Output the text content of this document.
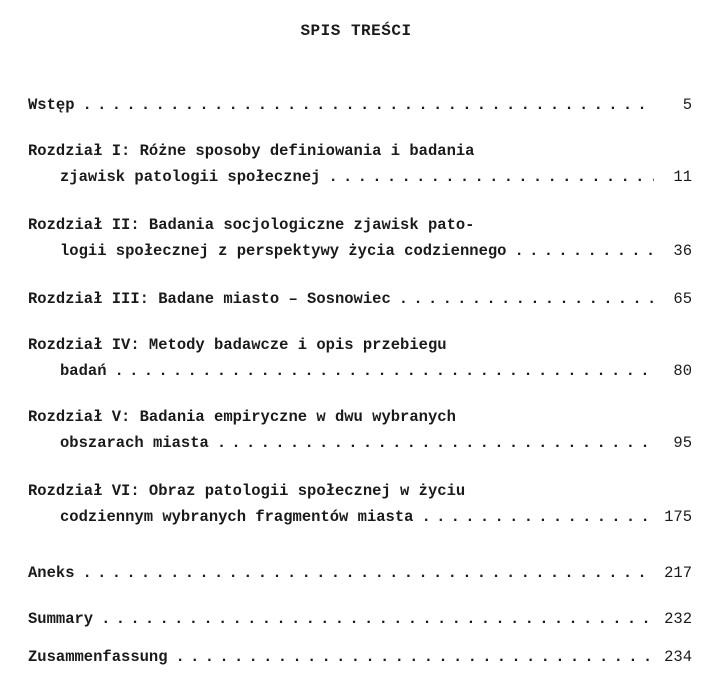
SPIS TREŚCI
Wstęp . . .	5
Rozdział I: Różne sposoby definiowania i badania
zjawisk patologii społecznej . . .	11
Rozdział II: Badania socjologiczne zjawisk pato-
logii społecznej z perspektywy życia codziennego . . .	36
Rozdział III: Badane miasto – Sosnowiec . . .	65
Rozdział IV: Metody badawcze i opis przebiegu
badań . . .	80
Rozdział V: Badania empiryczne w dwu wybranych
obszarach miasta . . .	95
Rozdział VI: Obraz patologii społecznej w życiu
codziennym wybranych fragmentów miasta . . .	175
Aneks . . .	217
Summary . . .	232
Zusammenfassung . . .	234
